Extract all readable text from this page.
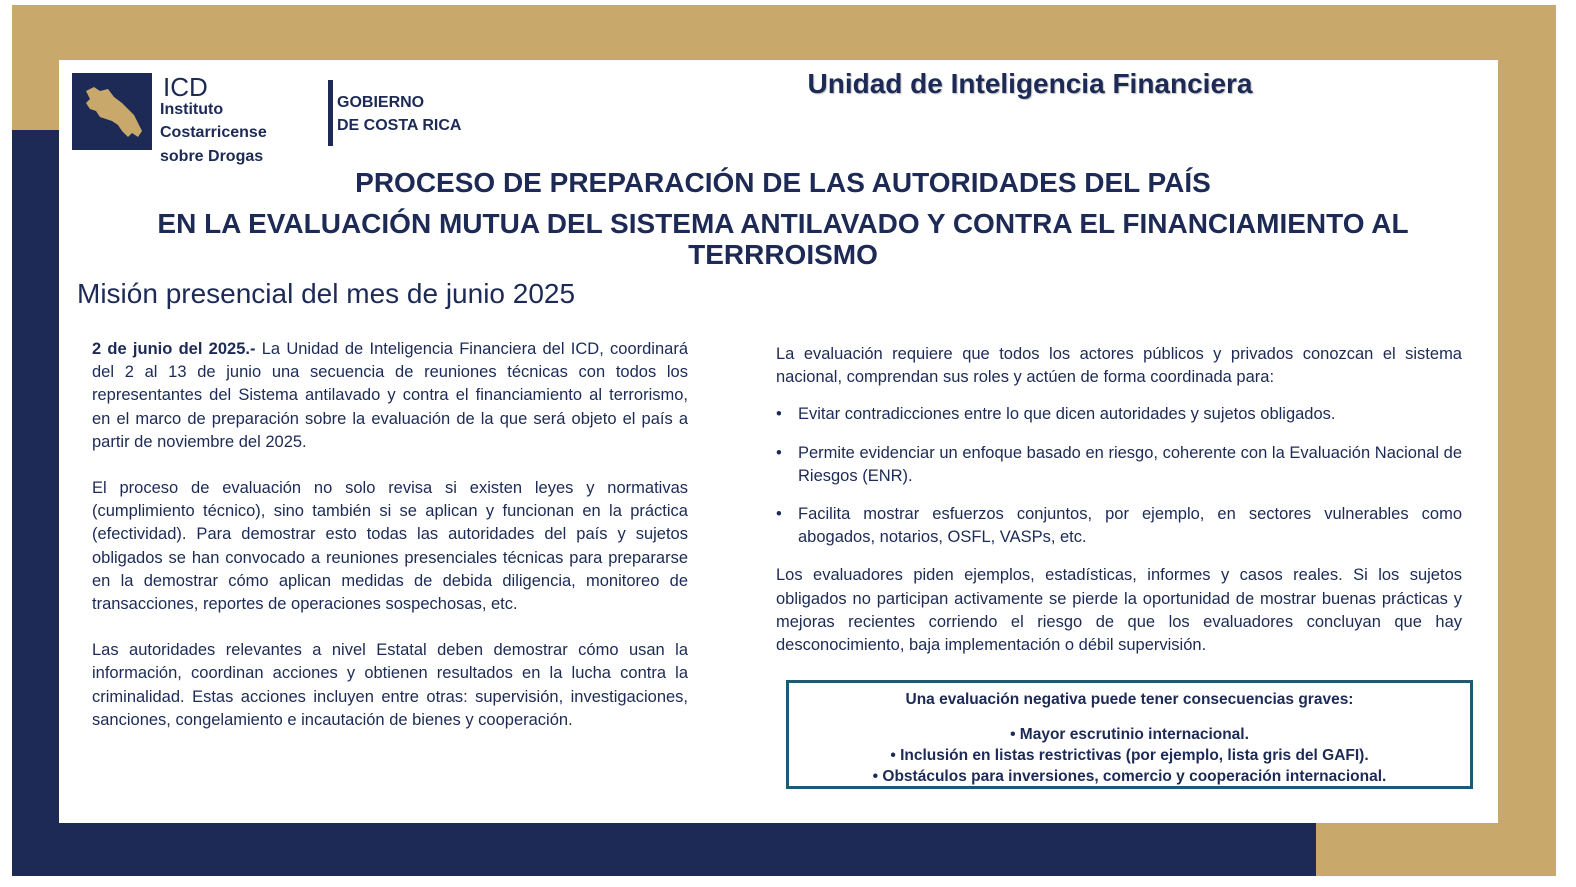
ICD
Instituto
Costarricense
sobre Drogas
GOBIERNO
DE COSTA RICA
Unidad de Inteligencia Financiera
PROCESO DE PREPARACIÓN DE LAS AUTORIDADES DEL PAÍS
EN LA EVALUACIÓN MUTUA DEL SISTEMA ANTILAVADO Y CONTRA EL FINANCIAMIENTO AL
TERRROISMO
Misión presencial del mes de junio 2025

2 de junio del 2025.- La Unidad de Inteligencia Financiera del ICD, coordinará del 2 al 13 de junio una secuencia de reuniones técnicas con todos los representantes del Sistema antilavado y contra el financiamiento al terrorismo, en el marco de preparación sobre la evaluación de la que será objeto el país a partir de noviembre del 2025.

El proceso de evaluación no solo revisa si existen leyes y normativas (cumplimiento técnico), sino también si se aplican y funcionan en la práctica (efectividad). Para demostrar esto todas las autoridades del país y sujetos obligados se han convocado a reuniones presenciales técnicas para prepararse en la demostrar cómo aplican medidas de debida diligencia, monitoreo de transacciones, reportes de operaciones sospechosas, etc.

Las autoridades relevantes a nivel Estatal deben demostrar cómo usan la información, coordinan acciones y obtienen resultados en la lucha contra la criminalidad. Estas acciones incluyen entre otras: supervisión, investigaciones, sanciones, congelamiento e incautación de bienes y cooperación.

La evaluación requiere que todos los actores públicos y privados conozcan el sistema nacional, comprendan sus roles y actúen de forma coordinada para:

• Evitar contradicciones entre lo que dicen autoridades y sujetos obligados.
• Permite evidenciar un enfoque basado en riesgo, coherente con la Evaluación Nacional de Riesgos (ENR).
• Facilita mostrar esfuerzos conjuntos, por ejemplo, en sectores vulnerables como abogados, notarios, OSFL, VASPs, etc.

Los evaluadores piden ejemplos, estadísticas, informes y casos reales. Si los sujetos obligados no participan activamente se pierde la oportunidad de mostrar buenas prácticas y mejoras recientes corriendo el riesgo de que los evaluadores concluyan que hay desconocimiento, baja implementación o débil supervisión.

Una evaluación negativa puede tener consecuencias graves:
• Mayor escrutinio internacional.
• Inclusión en listas restrictivas (por ejemplo, lista gris del GAFI).
• Obstáculos para inversiones, comercio y cooperación internacional.
